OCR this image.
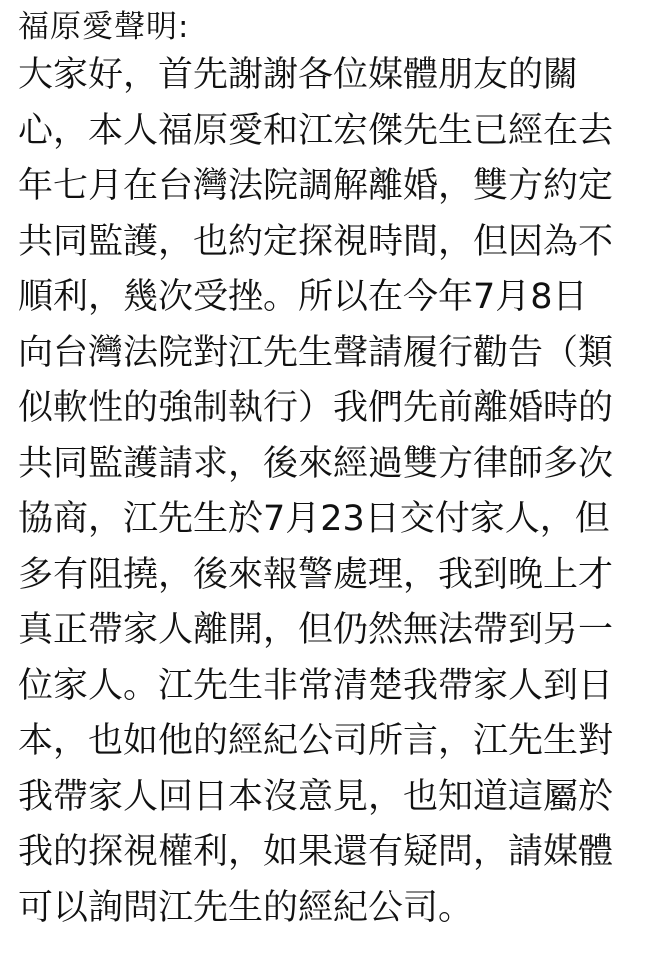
福原愛聲明:
大家好，首先謝謝各位媒體朋友的關
心，本人福原愛和江宏傑先生已經在去
年七月在台灣法院調解離婚，雙方約定
共同監護，也約定探視時間，但因為不
順利，幾次受挫。所以在今年7月8日
向台灣法院對江先生聲請履行勸告（類
似軟性的強制執行）我們先前離婚時的
共同監護請求，後來經過雙方律師多次
協商，江先生於7月23日交付家人，但
多有阻撓，後來報警處理，我到晚上才
真正帶家人離開，但仍然無法帶到另一
位家人。江先生非常清楚我帶家人到日
本，也如他的經紀公司所言，江先生對
我帶家人回日本沒意見，也知道這屬於
我的探視權利，如果還有疑問，請媒體
可以詢問江先生的經紀公司。
